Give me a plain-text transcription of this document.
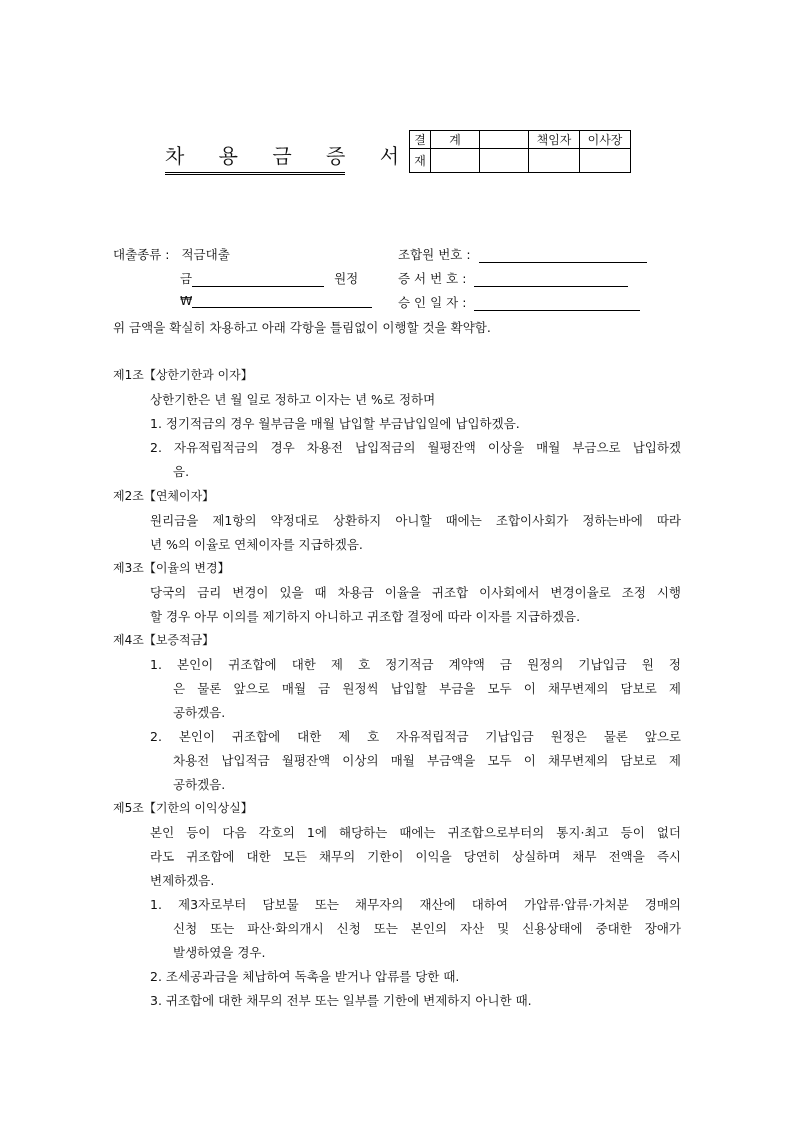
차 용 금 증 서
결	계		책임자	이사장
재				
대출종류 : 적금대출	조합원 번호 :
금	원정	증 서 번 호 :
₩	승 인 일 자 :
위 금액을 확실히 차용하고 아래 각항을 틀림없이 이행할 것을 확약함.
제1조【상한기한과 이자】
상한기한은 년 월 일로 정하고 이자는 년 %로 정하며
1. 정기적금의 경우 월부금을 매월 납입할 부금납입일에 납입하겠음.
2. 자유적립적금의 경우 차용전 납입적금의 월평잔액 이상을 매월 부금으로 납입하겠
음.
제2조【연체이자】
원리금을 제1항의 약정대로 상환하지 아니할 때에는 조합이사회가 정하는바에 따라
년 %의 이율로 연체이자를 지급하겠음.
제3조【이율의 변경】
당국의 금리 변경이 있을 때 차용금 이율을 귀조합 이사회에서 변경이율로 조정 시행
할 경우 아무 이의를 제기하지 아니하고 귀조합 결정에 따라 이자를 지급하겠음.
제4조【보증적금】
1. 본인이 귀조합에 대한 제 호 정기적금 계약액 금 원정의 기납입금 원 정
은 물론 앞으로 매월 금 원정씩 납입할 부금을 모두 이 채무변제의 담보로 제
공하겠음.
2. 본인이 귀조합에 대한 제 호 자유적립적금 기납입금 원정은 물론 앞으로
차용전 납입적금 월평잔액 이상의 매월 부금액을 모두 이 채무변제의 담보로 제
공하겠음.
제5조【기한의 이익상실】
본인 등이 다음 각호의 1에 해당하는 때에는 귀조합으로부터의 통지·최고 등이 없더
라도 귀조합에 대한 모든 채무의 기한이 이익을 당연히 상실하며 채무 전액을 즉시
변제하겠음.
1. 제3자로부터 담보물 또는 채무자의 재산에 대하여 가압류·압류·가처분 경매의
신청 또는 파산·화의개시 신청 또는 본인의 자산 및 신용상태에 중대한 장애가
발생하였을 경우.
2. 조세공과금을 체납하여 독촉을 받거나 압류를 당한 때.
3. 귀조합에 대한 채무의 전부 또는 일부를 기한에 변제하지 아니한 때.
